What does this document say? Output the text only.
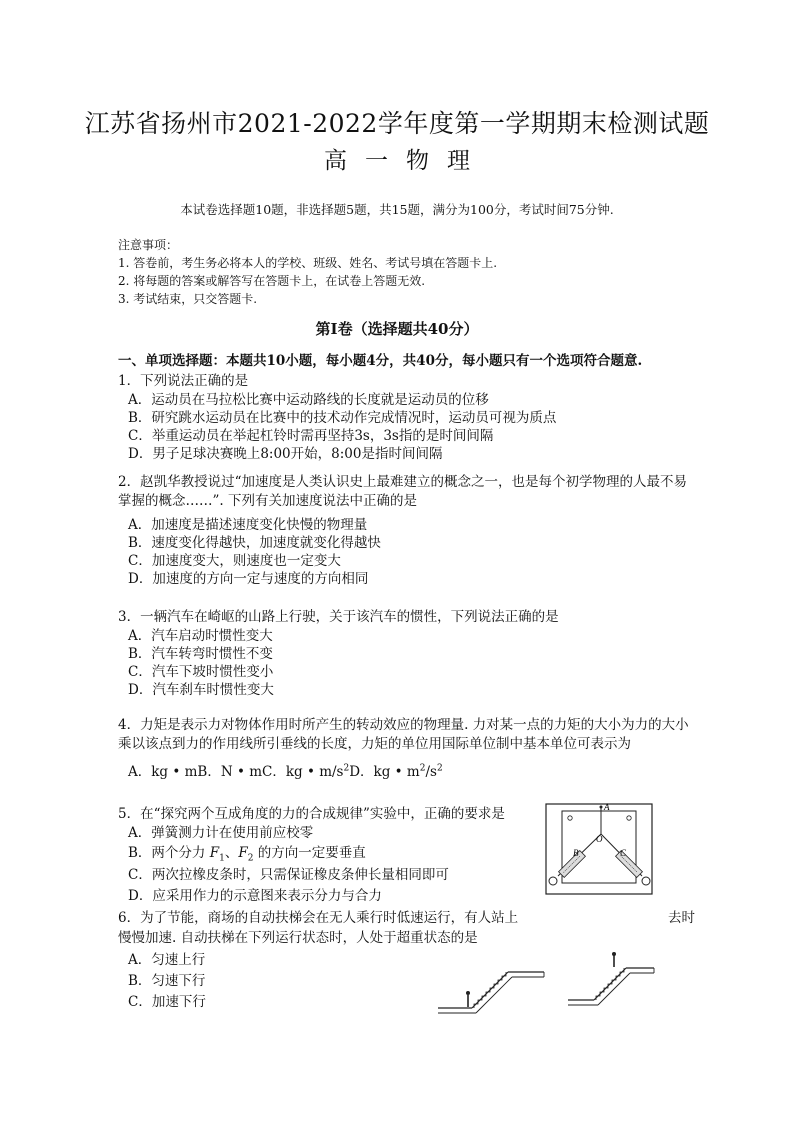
江苏省扬州市2021-2022学年度第一学期期末检测试题
高 一 物 理
本试卷选择题10题，非选择题5题，共15题，满分为100分，考试时间75分钟.
注意事项：
1. 答卷前，考生务必将本人的学校、班级、姓名、考试号填在答题卡上.
2. 将每题的答案或解答写在答题卡上，在试卷上答题无效.
3. 考试结束，只交答题卡.
第Ⅰ卷（选择题共40分）
一、单项选择题：本题共10小题，每小题4分，共40分，每小题只有一个选项符合题意.
1．下列说法正确的是
A．运动员在马拉松比赛中运动路线的长度就是运动员的位移
B．研究跳水运动员在比赛中的技术动作完成情况时，运动员可视为质点
C．举重运动员在举起杠铃时需再坚持3s，3s指的是时间间隔
D．男子足球决赛晚上8:00开始，8:00是指时间间隔
2．赵凯华教授说过“加速度是人类认识史上最难建立的概念之一，也是每个初学物理的人最不易掌握的概念……”. 下列有关加速度说法中正确的是
A．加速度是描述速度变化快慢的物理量
B．速度变化得越快，加速度就变化得越快
C．加速度变大，则速度也一定变大
D．加速度的方向一定与速度的方向相同
3．一辆汽车在崎岖的山路上行驶，关于该汽车的惯性，下列说法正确的是
A．汽车启动时惯性变大
B．汽车转弯时惯性不变
C．汽车下坡时惯性变小
D．汽车刹车时惯性变大
4．力矩是表示力对物体作用时所产生的转动效应的物理量. 力对某一点的力矩的大小为力的大小乘以该点到力的作用线所引垂线的长度，力矩的单位用国际单位制中基本单位可表示为
A．kg • mB．N • mC．kg • $m/s^2D$．kg • $m^2/s^2$
5．在“探究两个互成角度的力的合成规律”实验中，正确的要求是
A．弹簧测力计在使用前应校零
B．两个分力 $F_1$、$F_2$ 的方向一定要垂直
C．两次拉橡皮条时，只需保证橡皮条伸长量相同即可
D．应采用作力的示意图来表示分力与合力
A
O
B	C
6．为了节能，商场的自动扶梯会在无人乘行时低速运行，有人站上	去时
慢慢加速. 自动扶梯在下列运行状态时，人处于超重状态的是
A．匀速上行
B．匀速下行
C．加速下行
